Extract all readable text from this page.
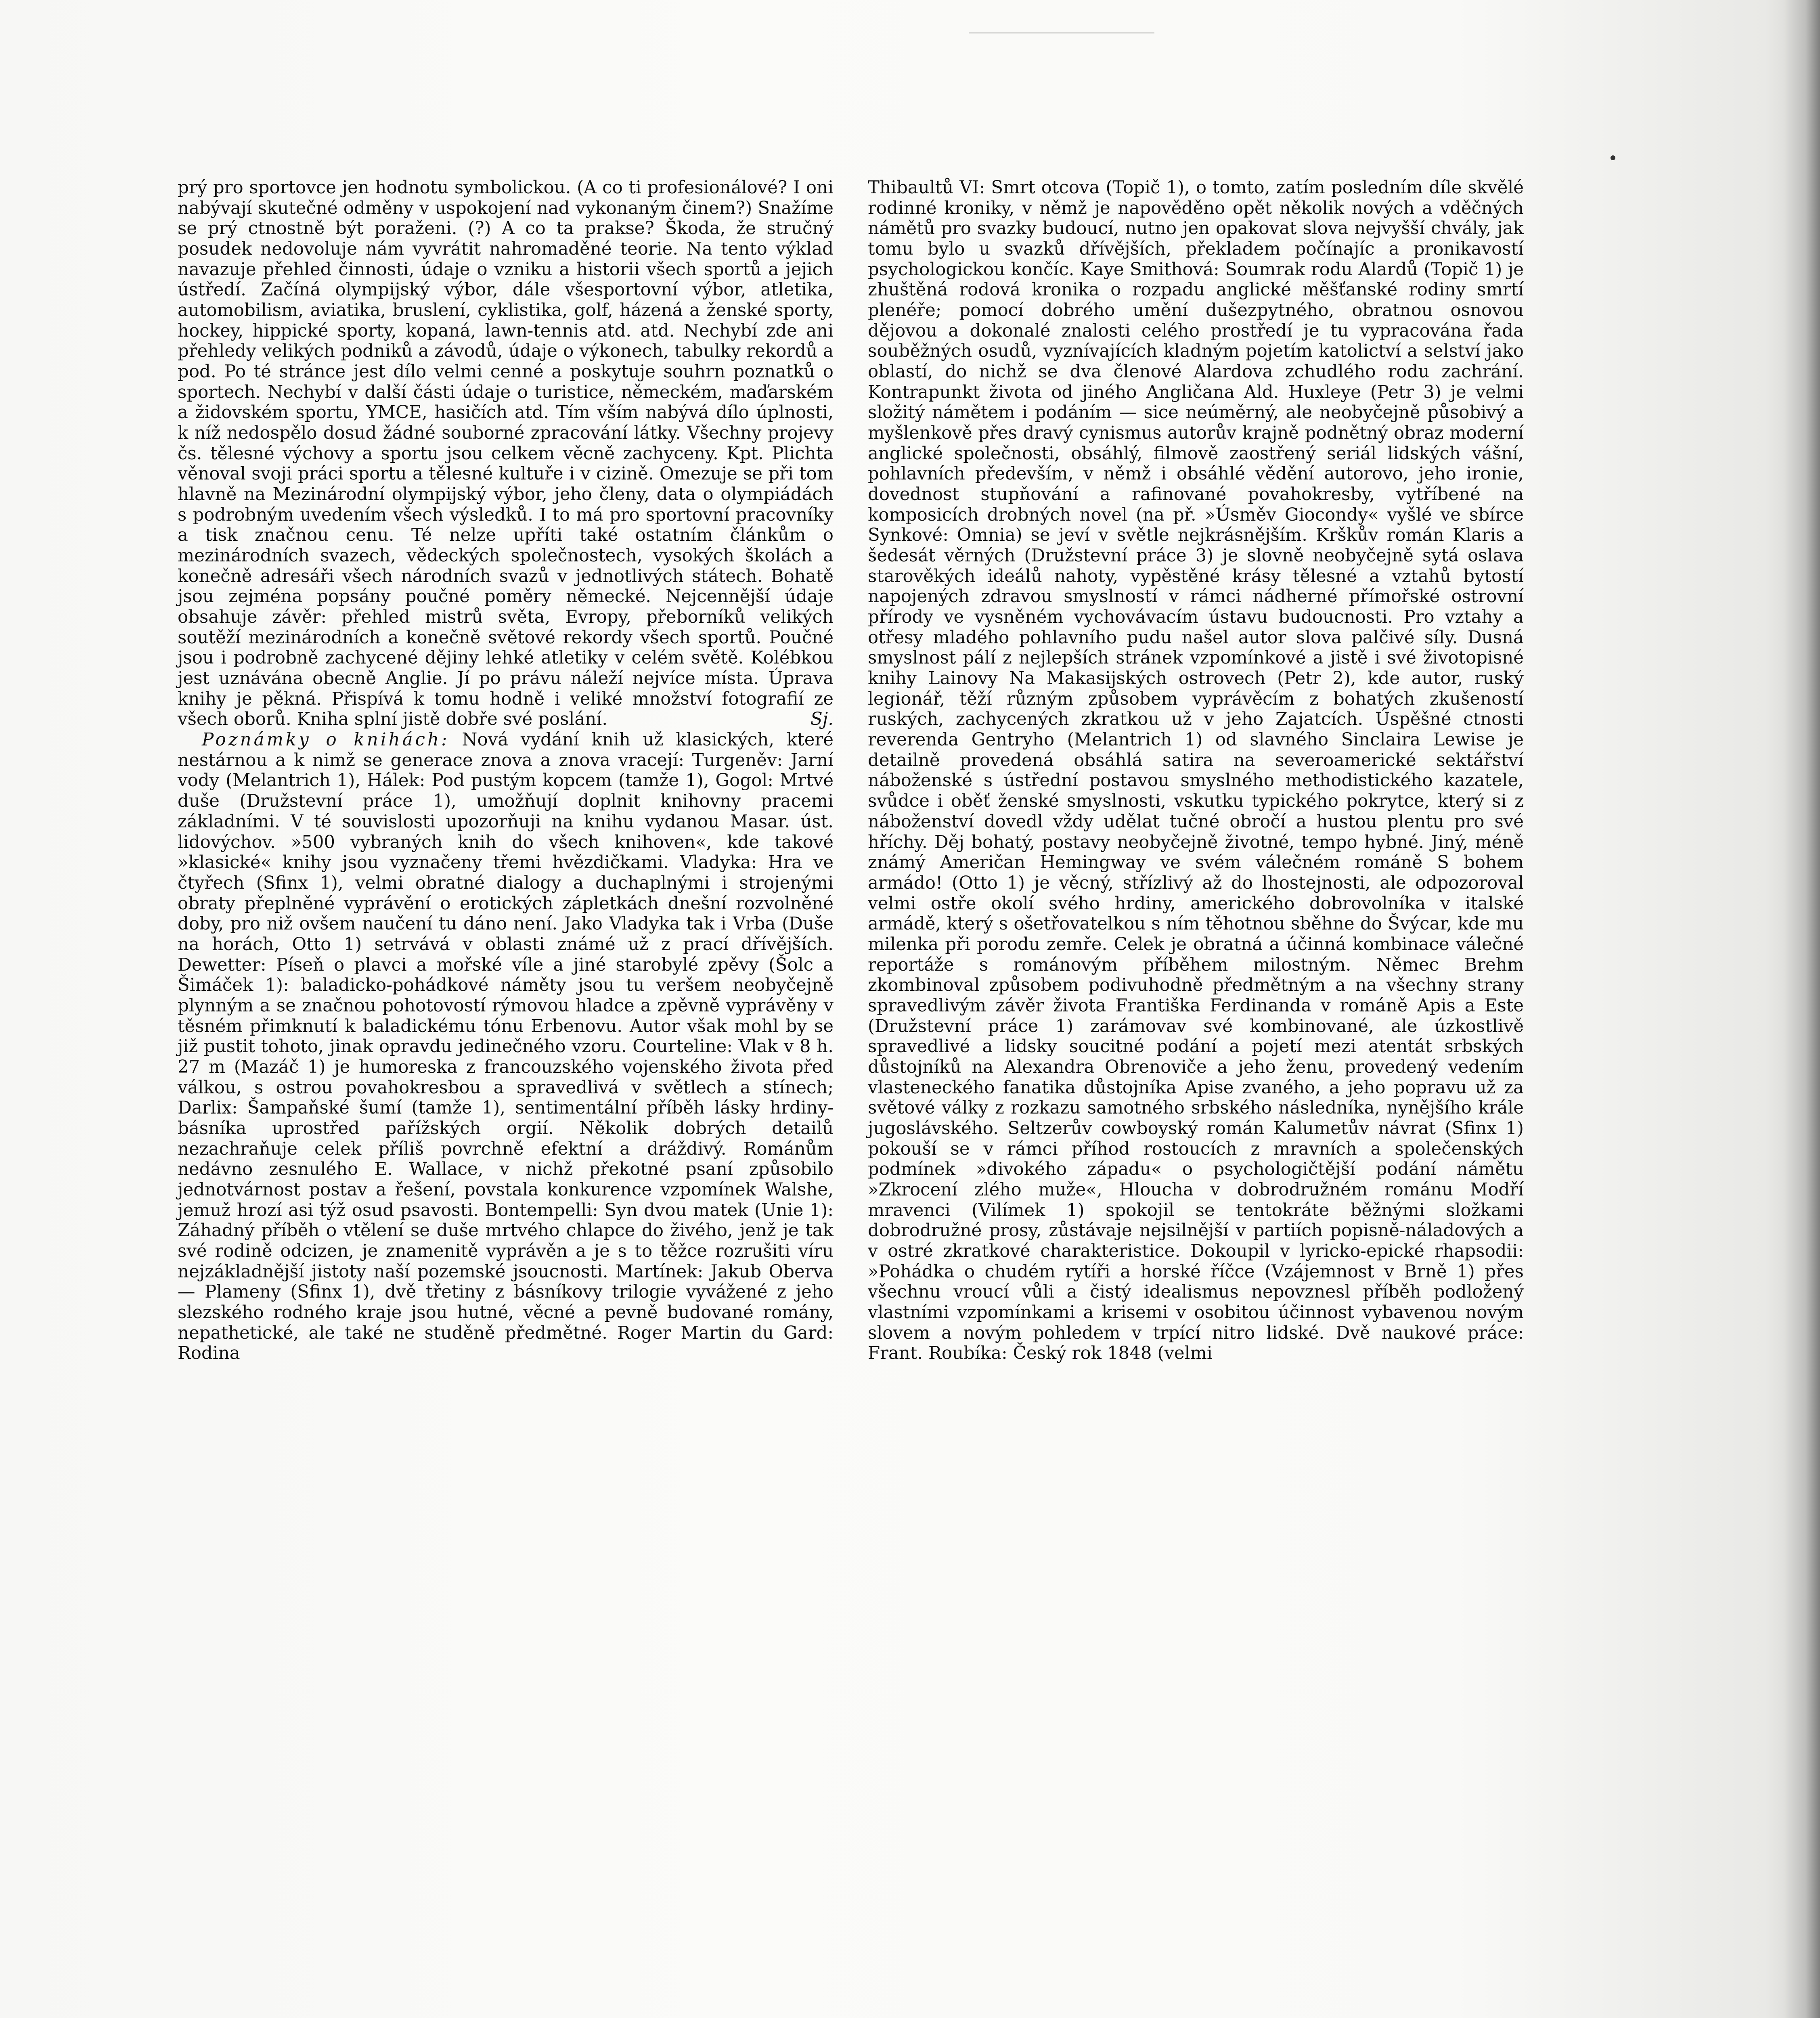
prý pro sportovce jen hodnotu symbolickou. (A co ti profesionálové? I oni nabývají skutečné odměny v uspokojení nad vykonaným činem?) Snažíme se prý ctnostně být poraženi. (?) A co ta prakse? Škoda, že stručný posudek nedovoluje nám vyvrátit nahromaděné teorie. Na tento výklad navazuje přehled činnosti, údaje o vzniku a historii všech sportů a jejich ústředí. Začíná olympijský výbor, dále všesportovní výbor, atletika, automobilism, aviatika, bruslení, cyklistika, golf, házená a ženské sporty, hockey, hippické sporty, kopaná, lawn-tennis atd. atd. Nechybí zde ani přehledy velikých podniků a závodů, údaje o výkonech, tabulky rekordů a pod. Po té stránce jest dílo velmi cenné a poskytuje souhrn poznatků o sportech. Nechybí v další části údaje o turistice, německém, maďarském a židovském sportu, YMCE, hasičích atd. Tím vším nabývá dílo úplnosti, k níž nedospělo dosud žádné souborné zpracování látky. Všechny projevy čs. tělesné výchovy a sportu jsou celkem věcně zachyceny. Kpt. Plichta věnoval svoji práci sportu a tělesné kultuře i v cizině. Omezuje se při tom hlavně na Mezinárodní olympijský výbor, jeho členy, data o olympiádách s podrobným uvedením všech výsledků. I to má pro sportovní pracovníky a tisk značnou cenu. Té nelze upříti také ostatním článkům o mezinárodních svazech, vědeckých společnostech, vysokých školách a konečně adresáři všech národních svazů v jednotlivých státech. Bohatě jsou zejména popsány poučné poměry německé. Nejcennější údaje obsahuje závěr: přehled mistrů světa, Evropy, přeborníků velikých soutěží mezinárodních a konečně světové rekordy všech sportů. Poučné jsou i podrobně zachycené dějiny lehké atletiky v celém světě. Kolébkou jest uznávána obecně Anglie. Jí po právu náleží nejvíce místa. Úprava knihy je pěkná. Přispívá k tomu hodně i veliké množství fotografií ze všech oborů. Kniha splní jistě dobře své poslání.	Sj.

Poznámky o knihách: Nová vydání knih už klasických, které nestárnou a k nimž se generace znova a znova vracejí: Turgeněv: Jarní vody (Melantrich 1), Hálek: Pod pustým kopcem (tamže 1), Gogol: Mrtvé duše (Družstevní práce 1), umožňují doplnit knihovny pracemi základními. V té souvislosti upozorňuji na knihu vydanou Masar. úst. lidovýchov. »500 vybraných knih do všech knihoven«, kde takové »klasické« knihy jsou vyznačeny třemi hvězdičkami. Vladyka: Hra ve čtyřech (Sfinx 1), velmi obratné dialogy a duchaplnými i strojenými obraty přeplněné vyprávění o erotických zápletkách dnešní rozvolněné doby, pro niž ovšem naučení tu dáno není. Jako Vladyka tak i Vrba (Duše na horách, Otto 1) setrvává v oblasti známé už z prací dřívějších. Dewetter: Píseň o plavci a mořské víle a jiné starobylé zpěvy (Šolc a Šimáček 1): baladicko-pohádkové náměty jsou tu veršem neobyčejně plynným a se značnou pohotovostí rýmovou hladce a zpěvně vyprávěny v těsném přimknutí k baladickému tónu Erbenovu. Autor však mohl by se již pustit tohoto, jinak opravdu jedinečného vzoru. Courteline: Vlak v 8 h. 27 m (Mazáč 1) je humoreska z francouzského vojenského života před válkou, s ostrou povahokresbou a spravedlivá v světlech a stínech; Darlix: Šampaňské šumí (tamže 1), sentimentální příběh lásky hrdiny-básníka uprostřed pařížských orgií. Několik dobrých detailů nezachraňuje celek příliš povrchně efektní a dráždivý. Románům nedávno zesnulého E. Wallace, v nichž překotné psaní způsobilo jednotvárnost postav a řešení, povstala konkurence vzpomínek Walshe, jemuž hrozí asi týž osud psavosti. Bontempelli: Syn dvou matek (Unie 1): Záhadný příběh o vtělení se duše mrtvého chlapce do živého, jenž je tak své rodině odcizen, je znamenitě vyprávěn a je s to těžce rozrušiti víru nejzákladnější jistoty naší pozemské jsoucnosti. Martínek: Jakub Oberva — Plameny (Sfinx 1), dvě třetiny z básníkovy trilogie vyvážené z jeho slezského rodného kraje jsou hutné, věcné a pevně budované romány, nepathetické, ale také ne studěně předmětné. Roger Martin du Gard: Rodina

Thibaultů VI: Smrt otcova (Topič 1), o tomto, zatím posledním díle skvělé rodinné kroniky, v němž je napověděno opět několik nových a vděčných námětů pro svazky budoucí, nutno jen opakovat slova nejvyšší chvály, jak tomu bylo u svazků dřívějších, překladem počínajíc a pronikavostí psychologickou končíc. Kaye Smithová: Soumrak rodu Alardů (Topič 1) je zhuštěná rodová kronika o rozpadu anglické měšťanské rodiny smrtí plenéře; pomocí dobrého umění dušezpytného, obratnou osnovou dějovou a dokonalé znalosti celého prostředí je tu vypracována řada souběžných osudů, vyznívajících kladným pojetím katolictví a selství jako oblastí, do nichž se dva členové Alardova zchudlého rodu zachrání. Kontrapunkt života od jiného Angličana Ald. Huxleye (Petr 3) je velmi složitý námětem i podáním — sice neúměrný, ale neobyčejně působivý a myšlenkově přes dravý cynismus autorův krajně podnětný obraz moderní anglické společnosti, obsáhlý, filmově zaostřený seriál lidských vášní, pohlavních především, v němž i obsáhlé vědění autorovo, jeho ironie, dovednost stupňování a rafinované povahokresby, vytříbené na komposicích drobných novel (na př. »Úsměv Giocondy« vyšlé ve sbírce Synkové: Omnia) se jeví v světle nejkrásnějším. Krškův román Klaris a šedesát věrných (Družstevní práce 3) je slovně neobyčejně sytá oslava starověkých ideálů nahoty, vypěstěné krásy tělesné a vztahů bytostí napojených zdravou smyslností v rámci nádherné přímořské ostrovní přírody ve vysněném vychovávacím ústavu budoucnosti. Pro vztahy a otřesy mladého pohlavního pudu našel autor slova palčivé síly. Dusná smyslnost pálí z nejlepších stránek vzpomínkové a jistě i své životopisné knihy Lainovy Na Makasijských ostrovech (Petr 2), kde autor, ruský legionář, těží různým způsobem vyprávěcím z bohatých zkušeností ruských, zachycených zkratkou už v jeho Zajatcích. Úspěšné ctnosti reverenda Gentryho (Melantrich 1) od slavného Sinclaira Lewise je detailně provedená obsáhlá satira na severoamerické sektářství náboženské s ústřední postavou smyslného methodistického kazatele, svůdce i oběť ženské smyslnosti, vskutku typického pokrytce, který si z náboženství dovedl vždy udělat tučné obročí a hustou plentu pro své hříchy. Děj bohatý, postavy neobyčejně životné, tempo hybné. Jiný, méně známý Američan Hemingway ve svém válečném románě S bohem armádo! (Otto 1) je věcný, střízlivý až do lhostejnosti, ale odpozoroval velmi ostře okolí svého hrdiny, amerického dobrovolníka v italské armádě, který s ošetřovatelkou s ním těhotnou sběhne do Švýcar, kde mu milenka při porodu zemře. Celek je obratná a účinná kombinace válečné reportáže s románovým příběhem milostným. Němec Brehm zkombinoval způsobem podivuhodně předmětným a na všechny strany spravedlivým závěr života Františka Ferdinanda v románě Apis a Este (Družstevní práce 1) zarámovav své kombinované, ale úzkostlivě spravedlivé a lidsky soucitné podání a pojetí mezi atentát srbských důstojníků na Alexandra Obrenoviče a jeho ženu, provedený vedením vlasteneckého fanatika důstojníka Apise zvaného, a jeho popravu už za světové války z rozkazu samotného srbského následníka, nynějšího krále jugoslávského. Seltzerův cowboyský román Kalumetův návrat (Sfinx 1) pokouší se v rámci příhod rostoucích z mravních a společenských podmínek »divokého západu« o psychologičtější podání námětu »Zkrocení zlého muže«, Hloucha v dobrodružném románu Modří mravenci (Vilímek 1) spokojil se tentokráte běžnými složkami dobrodružné prosy, zůstávaje nejsilnější v partiích popisně-náladových a v ostré zkratkové charakteristice. Dokoupil v lyricko-epické rhapsodii: »Pohádka o chudém rytíři a horské říčce (Vzájemnost v Brně 1) přes všechnu vroucí vůli a čistý idealismus nepovznesl příběh podložený vlastními vzpomínkami a krisemi v osobitou účinnost vybavenou novým slovem a novým pohledem v trpící nitro lidské. Dvě naukové práce: Frant. Roubíka: Český rok 1848 (velmi
